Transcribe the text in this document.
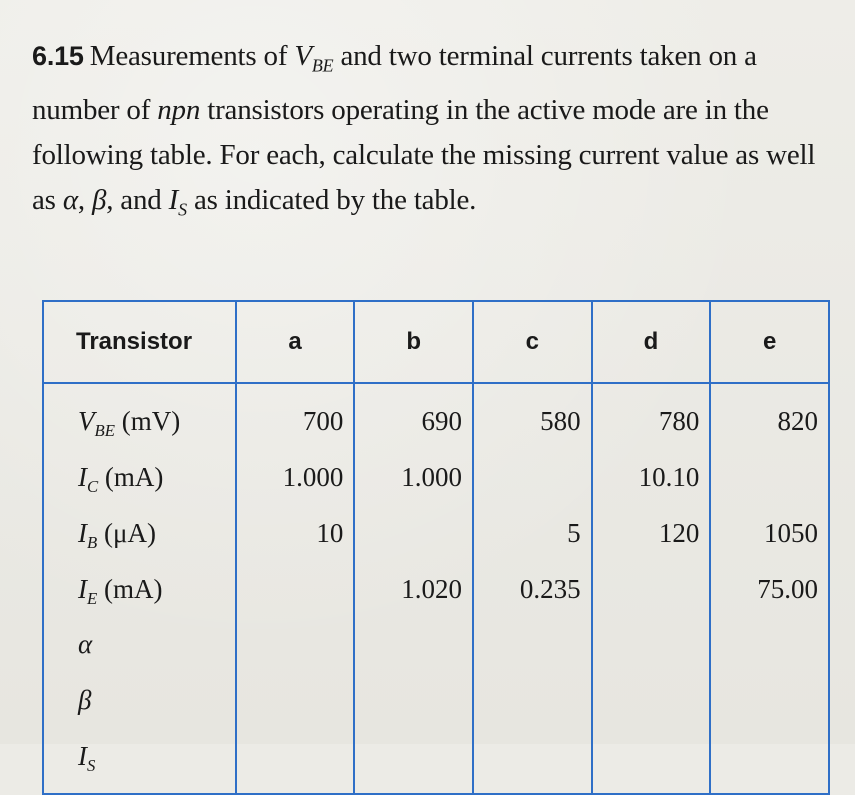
6.15 Measurements of $V_{BE}$ and two terminal currents taken on a number of npn transistors operating in the active mode are in the following table. For each, calculate the missing current value as well as α, β, and $I_S$ as indicated by the table.

Transistor	a	b	c	d	e
$V_{BE}$ (mV)	700	690	580	780	820
$I_C$ (mA)	1.000	1.000		10.10	
$I_B$ (μA)	10		5	120	1050
$I_E$ (mA)		1.020	0.235		75.00
α					
β					
$I_S$					
